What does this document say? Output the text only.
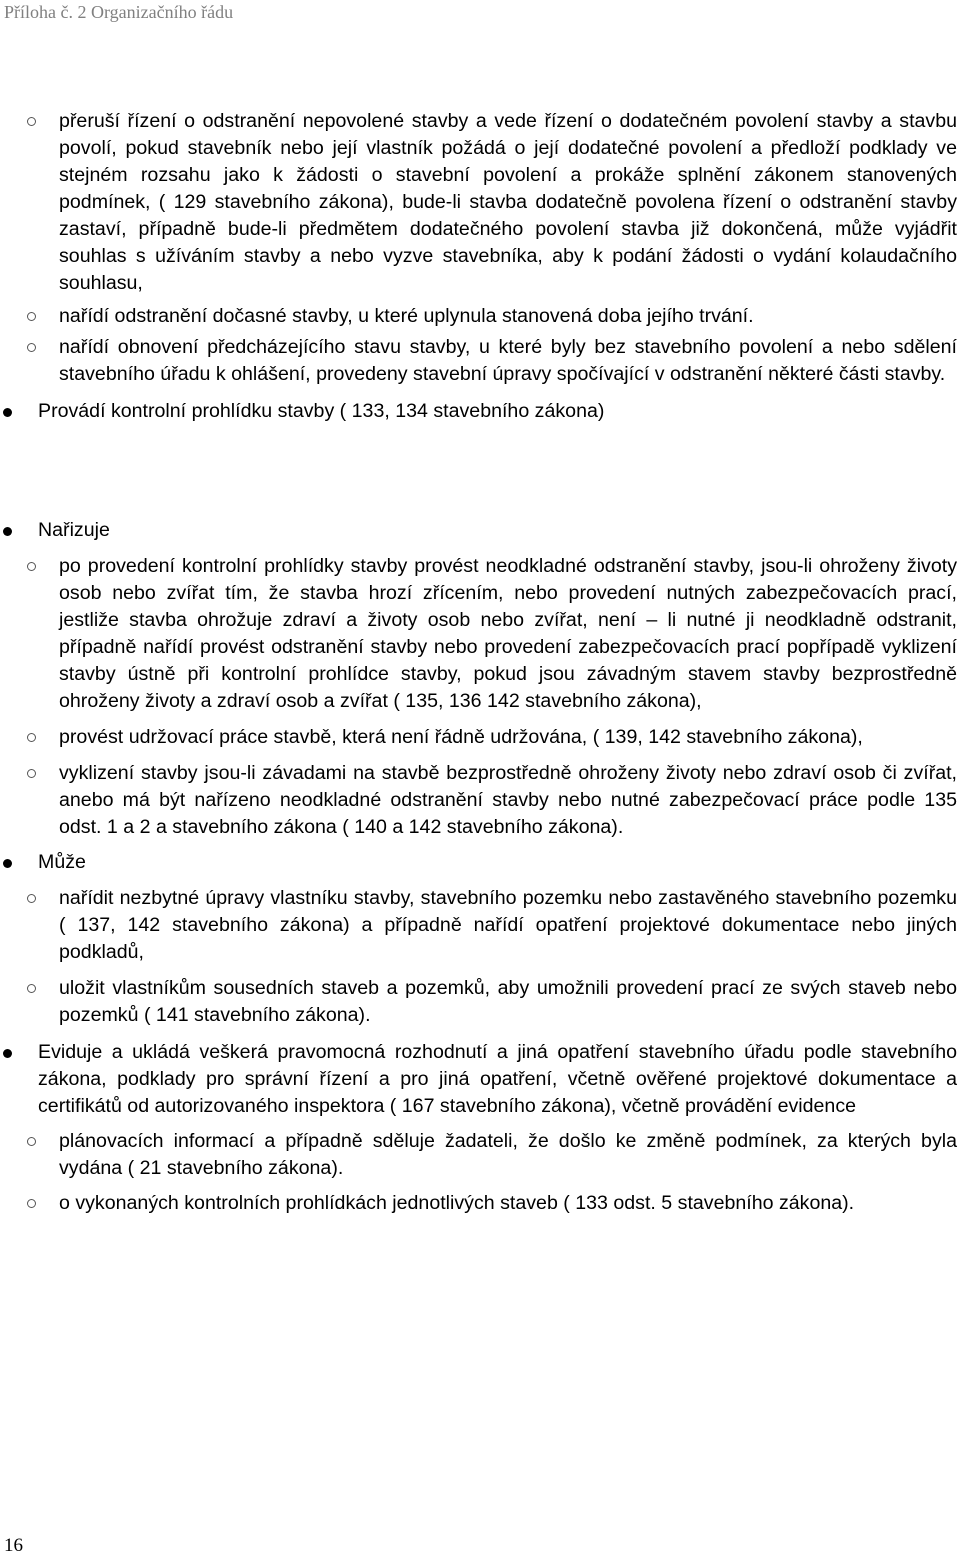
Příloha č. 2 Organizačního řádu
přeruší řízení o odstranění nepovolené stavby a vede řízení o dodatečném povolení stavby a stavbu povolí, pokud stavebník nebo její vlastník požádá o její dodatečné povolení a předloží podklady ve stejném rozsahu jako k žádosti o stavební povolení a prokáže splnění zákonem stanovených podmínek, ( 129 stavebního zákona), bude-li stavba dodatečně povolena řízení o odstranění stavby zastaví, případně bude-li předmětem dodatečného povolení stavba již dokončená, může vyjádřit souhlas s užíváním stavby a nebo vyzve stavebníka, aby k podání žádosti o vydání kolaudačního souhlasu,
nařídí odstranění dočasné stavby, u které uplynula stanovená doba jejího trvání.
nařídí obnovení předcházejícího stavu stavby, u které byly bez stavebního povolení a nebo sdělení stavebního úřadu k ohlášení, provedeny stavební úpravy spočívající v odstranění některé části stavby.
Provádí kontrolní prohlídku stavby ( 133, 134 stavebního zákona)
Nařizuje
po provedení kontrolní prohlídky stavby provést neodkladné odstranění stavby, jsou-li ohroženy životy osob nebo zvířat tím, že stavba hrozí zřícením, nebo provedení nutných zabezpečovacích prací, jestliže stavba ohrožuje zdraví a životy osob nebo zvířat, není – li nutné ji neodkladně odstranit, případně nařídí provést odstranění stavby nebo provedení zabezpečovacích prací popřípadě vyklizení stavby ústně při kontrolní prohlídce stavby, pokud jsou závadným stavem stavby bezprostředně ohroženy životy a zdraví osob a zvířat ( 135, 136 142 stavebního zákona),
provést udržovací práce stavbě, která není řádně udržována, ( 139, 142 stavebního zákona),
vyklizení stavby jsou-li závadami na stavbě bezprostředně ohroženy životy nebo zdraví osob či zvířat, anebo má být nařízeno neodkladné odstranění stavby nebo nutné zabezpečovací práce podle 135 odst. 1 a 2 a stavebního zákona ( 140 a 142 stavebního zákona).
Může
nařídit nezbytné úpravy vlastníku stavby, stavebního pozemku nebo zastavěného stavebního pozemku ( 137, 142 stavebního zákona) a případně nařídí opatření projektové dokumentace nebo jiných podkladů,
uložit vlastníkům sousedních staveb a pozemků, aby umožnili provedení prací ze svých staveb nebo pozemků ( 141 stavebního zákona).
Eviduje a ukládá veškerá pravomocná rozhodnutí a jiná opatření stavebního úřadu podle stavebního zákona, podklady pro správní řízení a pro jiná opatření, včetně ověřené projektové dokumentace a certifikátů od autorizovaného inspektora ( 167 stavebního zákona), včetně provádění evidence
plánovacích informací a případně sděluje žadateli, že došlo ke změně podmínek, za kterých byla vydána ( 21 stavebního zákona).
o vykonaných kontrolních prohlídkách jednotlivých staveb ( 133 odst. 5 stavebního zákona).
16
